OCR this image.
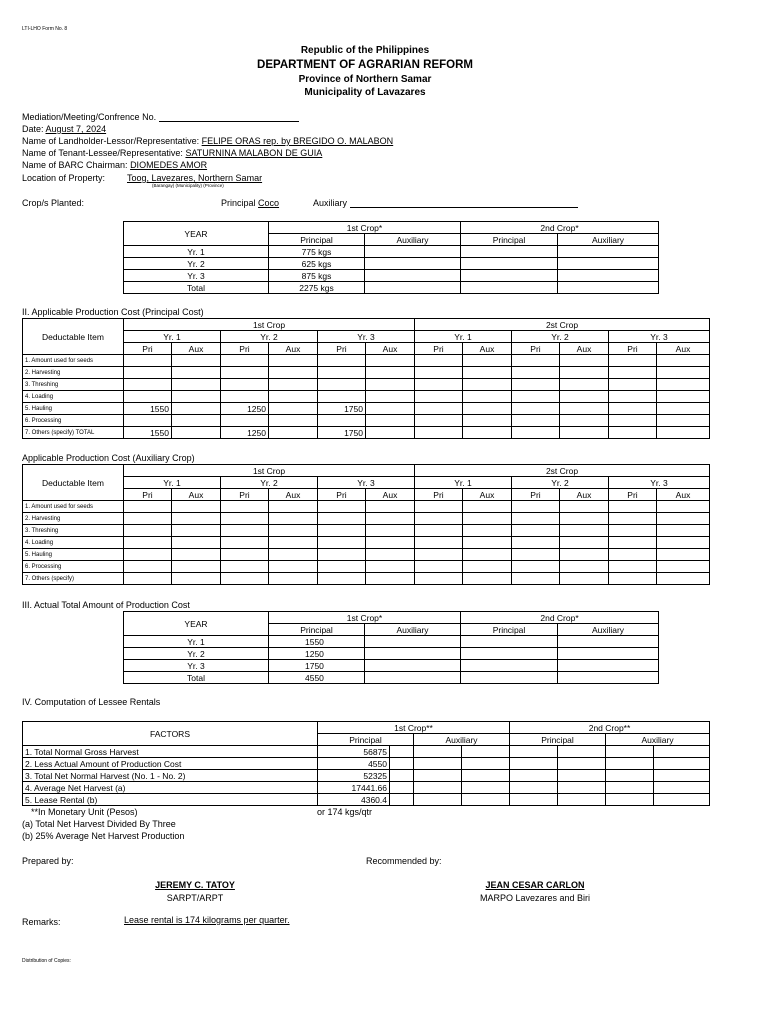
LTI-LHO Form No. 8
Republic of the Philippines
DEPARTMENT OF AGRARIAN REFORM
Province of Northern Samar
Municipality of Lavazares
Mediation/Meeting/Confrence No.
Date: August 7, 2024
Name of Landholder-Lessor/Representative: FELIPE ORAS rep. by BREGIDO O. MALABON
Name of Tenant-Lessee/Representative: SATURNINA MALABON DE GUIA
Name of BARC Chairman: DIOMEDES AMOR
Location of Property: Toog, Lavezares, Northern Samar
(Barangay) (Municipality) (Province)
Crop/s Planted:	Principal Coco	Auxiliary
YEAR	1st Crop*		2nd Crop*	
	Principal	Auxiliary	Principal	Auxiliary
Yr. 1	775 kgs			
Yr. 2	625 kgs			
Yr. 3	875 kgs			
Total	2275 kgs			
II. Applicable Production Cost (Principal Cost)
Deductable Item	1st Crop						2st Crop					
	Yr. 1		Yr. 2		Yr. 3		Yr. 1		Yr. 2		Yr. 3	
	Pri	Aux	Pri	Aux	Pri	Aux	Pri	Aux	Pri	Aux	Pri	Aux
1. Amount used for seeds												
2. Harvesting												
3. Threshing												
4. Loading												
5. Hauling	1550		1250		1750							
6. Processing												
7. Others (specify) TOTAL	1550		1250		1750							
Applicable Production Cost (Auxiliary Crop)
Deductable Item	1st Crop						2st Crop					
	Yr. 1		Yr. 2		Yr. 3		Yr. 1		Yr. 2		Yr. 3	
	Pri	Aux	Pri	Aux	Pri	Aux	Pri	Aux	Pri	Aux	Pri	Aux
1. Amount used for seeds												
2. Harvesting												
3. Threshing												
4. Loading												
5. Hauling												
6. Processing												
7. Others (specify)												
III. Actual Total Amount of Production Cost
YEAR	1st Crop*		2nd Crop*	
	Principal	Auxiliary	Principal	Auxiliary
Yr. 1	1550			
Yr. 2	1250			
Yr. 3	1750			
Total	4550			
IV. Computation of Lessee Rentals
FACTORS	1st Crop**				2nd Crop**			
	Principal		Auxiliary		Principal		Auxiliary	
1. Total Normal Gross Harvest	56875							
2. Less Actual Amount of Production Cost	4550							
3. Total Net Normal Harvest (No. 1 - No. 2)	52325							
4. Average Net Harvest (a)	17441.66							
5. Lease Rental (b)	4360.4							
**In Monetary Unit (Pesos)	or 174 kgs/qtr
(a) Total Net Harvest Divided By Three
(b) 25% Average Net Harvest Production
Prepared by:	Recommended by:
JEREMY C. TATOY
SARPT/ARPT
JEAN CESAR CARLON
MARPO Lavezares and Biri
Remarks:	Lease rental is 174 kilograms per quarter.
Distribution of Copies:
